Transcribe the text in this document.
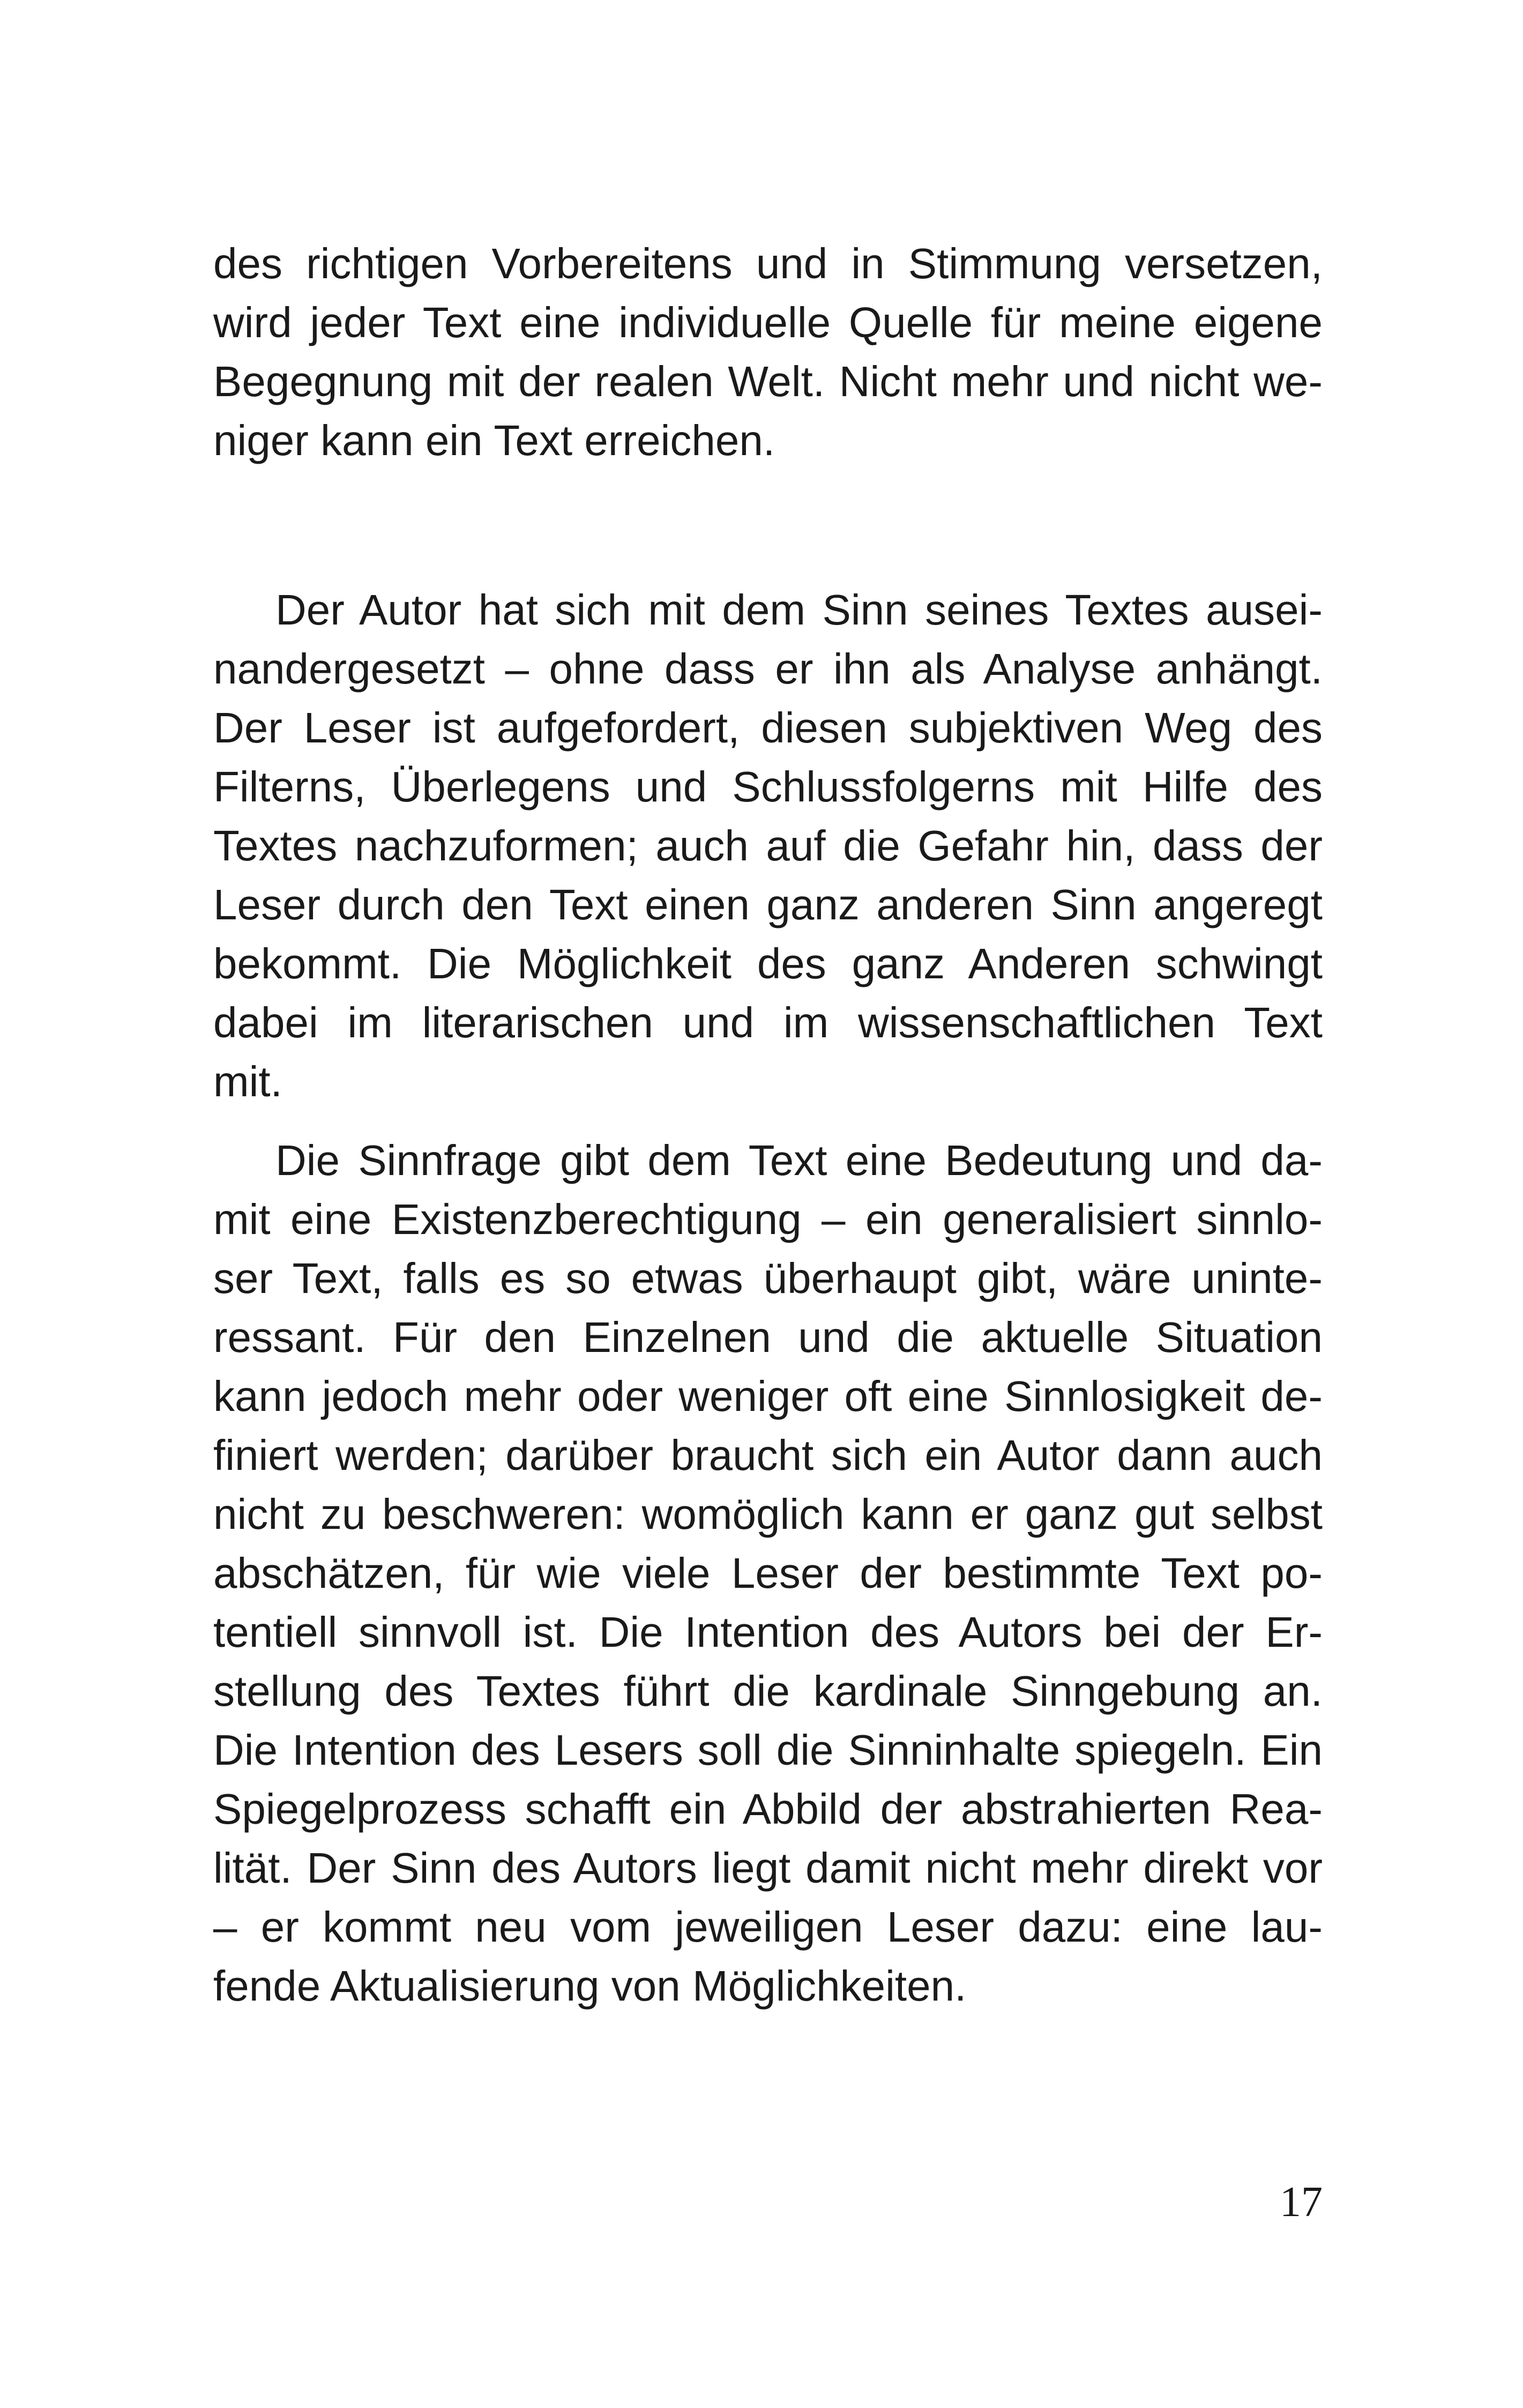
des richtigen Vorbereitens und in Stimmung versetzen,
wird jeder Text eine individuelle Quelle für meine eigene
Begegnung mit der realen Welt. Nicht mehr und nicht we-
niger kann ein Text erreichen.
Der Autor hat sich mit dem Sinn seines Textes ausei-
nandergesetzt – ohne dass er ihn als Analyse anhängt.
Der Leser ist aufgefordert, diesen subjektiven Weg des
Filterns, Überlegens und Schlussfolgerns mit Hilfe des
Textes nachzuformen; auch auf die Gefahr hin, dass der
Leser durch den Text einen ganz anderen Sinn angeregt
bekommt. Die Möglichkeit des ganz Anderen schwingt
dabei im literarischen und im wissenschaftlichen Text
mit.
Die Sinnfrage gibt dem Text eine Bedeutung und da-
mit eine Existenzberechtigung – ein generalisiert sinnlo-
ser Text, falls es so etwas überhaupt gibt, wäre uninte-
ressant. Für den Einzelnen und die aktuelle Situation
kann jedoch mehr oder weniger oft eine Sinnlosigkeit de-
finiert werden; darüber braucht sich ein Autor dann auch
nicht zu beschweren: womöglich kann er ganz gut selbst
abschätzen, für wie viele Leser der bestimmte Text po-
tentiell sinnvoll ist. Die Intention des Autors bei der Er-
stellung des Textes führt die kardinale Sinngebung an.
Die Intention des Lesers soll die Sinninhalte spiegeln. Ein
Spiegelprozess schafft ein Abbild der abstrahierten Rea-
lität. Der Sinn des Autors liegt damit nicht mehr direkt vor
– er kommt neu vom jeweiligen Leser dazu: eine lau-
fende Aktualisierung von Möglichkeiten.
17
